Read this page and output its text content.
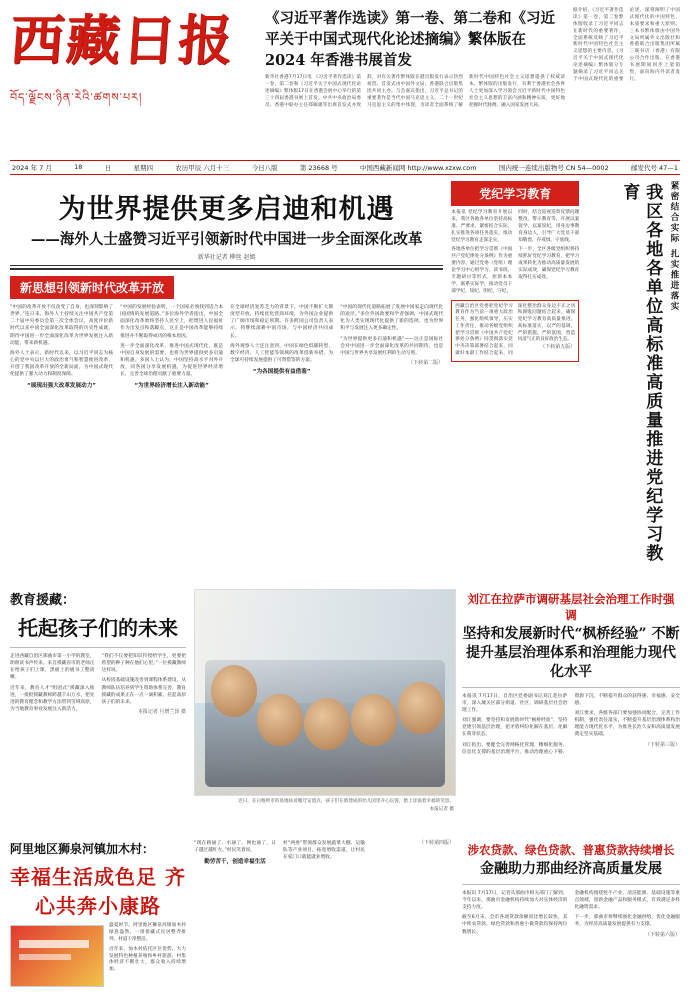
西藏日报
བོད་ལྗོངས་ཉིན་རེའི་ཚགས་པར།
《习近平著作选读》第一卷、第二卷和《习近平关于中国式现代化论述摘编》繁体版在 2024 年香港书展首发
新华社香港7月17日电 《习近平著作选读》第一卷、第二卷和《习近平关于中国式现代化论述摘编》繁体版17日在香港会展中心举行的第三十四届香港书展上首发。中共中央政治局委员、香港中联办主任郑雁雄等出席首发式并致辞，对有关著作繁体版在港出版发行表示热烈祝贺。首发式由中国外文局、香港联合出版集团共同主办。与会嘉宾指出，习近平总书记的重要著作是当代中国马克思主义、二十一世纪马克思主义的集中体现，为读者全面系统了解新时代中国特色社会主义思想提供了权威读本。繁体版的出版发行，有利于香港社会各界人士更加深入学习领会习近平新时代中国特色社会主义思想的丰富内涵和精神实质，更好地把握时代脉搏、融入国家发展大局。
据介绍，《习近平著作选读》第一卷、第二卷繁体版收录了习近平同志在新时代的重要著作，全面系统反映了习近平新时代中国特色社会主义思想的主要内容。《习近平关于中国式现代化论述摘编》繁体版分专题摘录了习近平同志关于中国式现代化的重要论述，深刻阐明了中国式现代化的中国特色、本质要求和重大原则。三本书繁体版由中国外文局所属外文出版社和香港联合出版集团所属三联书店（香港）有限公司合作出版，在香港书展期间同步上架销售，面向海内外读者发行。
2024 年 7 月	18	日	星期四	农历甲辰 六月十三	今日八版	第 23668 号	中国西藏新闻网 http://www.xzxw.com	国内统一连续出版物号 CN 54—0002	邮发代号 47—1
为世界提供更多启迪和机遇
——海外人士盛赞习近平引领新时代中国进一步全面深化改革
新华社记者 柳丝 赵嫣
新思想引领新时代改革开放

“中国的改革开放不仅改变了自身，也深刻影响了世界。”连日来，海外人士持续关注中国共产党第二十届中央委员会第三次全体会议，高度评价新时代以来中国全面深化改革取得的历史性成就，期待中国进一步全面深化改革为世界发展注入新动能、带来新机遇。

海外人士表示，新时代以来，以习近平同志为核心的党中央以巨大的政治勇气和智慧推进改革，开创了我国改革开放的全新局面，为中国式现代化提供了强大动力和制度保障。

“展现出强大改革发展动力”

“中国的发展经验表明，一个国家必须找到适合本国国情的发展道路。”多位海外学者指出，中国全面深化改革始终坚持人民至上，把增进人民福祉作为出发点和落脚点，这正是中国改革能够持续推进并不断取得成功的根本原因。

进一步全面深化改革，推进中国式现代化，既是中国自身发展的需要，也将为世界提供更多启迪和机遇。多国人士认为，中国坚持高水平对外开放，同各国分享发展机遇，为促进世界经济增长、完善全球治理贡献了重要力量。

“为世界经济增长注入新动能”

在全球经济复苏乏力的背景下，中国不断扩大制度型开放，持续优化营商环境，为外国企业提供了广阔市场和稳定预期。许多跨国公司负责人表示，将继续深耕中国市场，与中国经济共同成长。

海外观察人士还注意到，中国在绿色低碳转型、数字经济、人工智能等领域的改革创新举措，为全球可持续发展提供了可资借鉴的方案。

“为各国提供有益借鉴”

“中国的现代化道路拓展了发展中国家走向现代化的途径。”多位外国政要和学者强调，中国式现代化为人类实现现代化提供了新的选择，也为世界和平与发展注入更多确定性。

“为世界提供更多启迪和机遇”——这正是国际社会对中国进一步全面深化改革的共同期待，也是中国与世界共享发展红利的生动写照。

（下转第二版）
党纪学习教育

本报讯 党纪学习教育开展以来，我区各地各单位坚持高标准、严要求，紧密结合实际，扎实推进各项任务落实，推动党纪学习教育走深走实。

各地各单位把学习贯彻《中国共产党纪律处分条例》作为重要内容，通过党委（党组）理论学习中心组学习、读书班、专题研讨等形式，原原本本学、联系实际学，推动党员干部学纪、知纪、明纪、守纪。

同时，结合巡视巡察反馈问题整改、警示教育等，开展以案促学、以案说纪，用身边事教育身边人，引导广大党员干部知敬畏、存戒惧、守底线。

下一步，全区各级党组织将持续抓好党纪学习教育，把学习成果转化为推动高质量发展的实际成效，确保党纪学习教育取得扎实成效。

西藏自治区党委把党纪学习教育作为当前一项重大政治任务，强化组织领导，压实工作责任，推动各级党组织把学习贯彻《中国共产党纪律处分条例》同贯彻落实党中央决策部署结合起来，同做好本职工作结合起来，同深化整治群众身边不正之风和腐败问题结合起来，确保党纪学习教育高质量推进、高标准落实，以严的基调、严的措施、严的氛围，营造风清气正的良好政治生态。
（下转第五版）	我区各地各单位高标准高质量推进党纪学习教育	紧密结合实际 扎实推进落实
教育援藏：
托起孩子们的未来

走进西藏自治区那曲市第一小学的教室，朗朗读书声传来。来自援藏省市的老师正在给孩子们上课，黑板上的板书工整清晰。

近年来，教育人才“组团式”援藏深入推进，一批批援藏教师跨越千山万水，把先进的教育理念和教学方法带到雪域高原，为当地教育事业发展注入新活力。

“我们不仅要把知识传授给学生，更要把希望的种子种在他们心里。”一位援藏教师这样说。

从校园基础设施改善到课程体系建设，从教师队伍培养到学生资助体系完善，教育援藏的成果正在一点一滴积累，托起高原孩子们的未来。

本报记者 旦增兰泽 摄
近日，在日喀则市的易地扶贫搬迁安置点，孩子们在新建成的幼儿园里开心玩耍，脸上洋溢着幸福的笑容。
本报记者 摄
刘江在拉萨市调研基层社会治理工作时强调
坚持和发展新时代“枫桥经验” 不断提升基层治理体系和治理能力现代化水平

本报讯 7月17日，自治区党委副书记刘江赴拉萨市，深入城关区部分街道、社区，调研基层社会治理工作。

刘江强调，要坚持和发展新时代“枫桥经验”，坚持党建引领基层治理，把矛盾纠纷化解在基层、化解在萌芽状态。

刘江指出，要健全完善网格化管理、精细化服务、信息化支撑的基层治理平台，推动治理重心下移、资源下沉，不断提升群众的获得感、幸福感、安全感。

刘江要求，各级各部门要加强协同配合，完善工作机制，强化责任落实，不断提升基层治理体系和治理能力现代化水平，为推进长治久安和高质量发展奠定坚实基础。

（下转第三版）
阿里地区狮泉河镇加木村：
幸福生活成色足 齐心共奔小康路

盛夏时节，阿里地区狮泉河镇加木村绿意盎然，一排排藏式民居整齐排列，村道干净整洁。

近年来，加木村依托区位优势，大力发展特色种植养殖和乡村旅游，村集体经济不断壮大，群众收入持续增加。

“现在路通了、水通了、网也通了，日子越过越红火。”村民笑着说。

勤劳苦干，创造幸福生活

村“两委”带领群众发展蔬菜大棚、运输队等产业项目，拓宽增收渠道，让村民在家门口就能就业增收。

（下转第四版）	涉农贷款、绿色贷款、普惠贷款持续增长
金融助力那曲经济高质量发展

本报讯 7月17日，记者从那曲市相关部门了解到，今年以来，那曲市金融机构持续加大对实体经济的支持力度。

截至6月末，全市各项贷款余额同比增长较快，其中涉农贷款、绿色贷款和普惠小微贷款均保持两位数增长。

金融机构围绕牦牛产业、清洁能源、基础设施等重点领域，创新金融产品和服务模式，有效满足多样化融资需求。

下一步，那曲市将继续强化金融供给，优化金融服务，为经济高质量发展提供有力支撑。

（下转第六版）
